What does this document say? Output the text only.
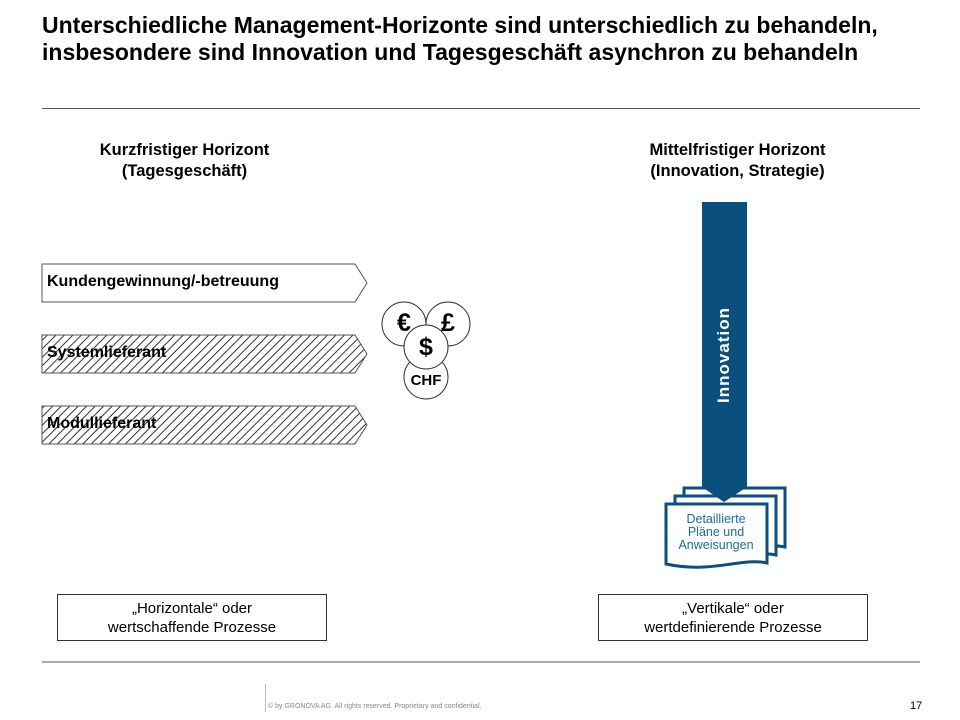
Unterschiedliche Management-Horizonte sind unterschiedlich zu behandeln, insbesondere sind Innovation und Tagesgeschäft asynchron zu behandeln
Kurzfristiger Horizont
(Tagesgeschäft)
Mittelfristiger Horizont
(Innovation, Strategie)
Kundengewinnung/-betreuung
Systemlieferant
Modullieferant
€	£
$
CHF	Innovation
Detaillierte
Pläne und
Anweisungen
„Horizontale“ oder
wertschaffende Prozesse
„Vertikale“ oder
wertdefinierende Prozesse
© by GRONOVA AG. All rights reserved. Proprietary and confidential.	17
